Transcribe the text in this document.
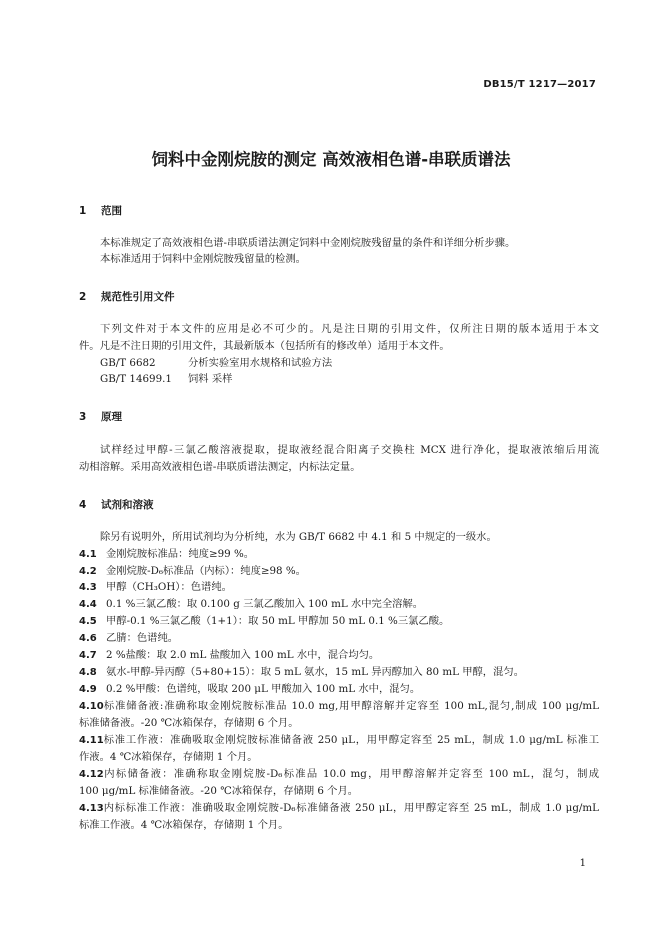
DB15/T 1217—2017
饲料中金刚烷胺的测定 高效液相色谱-串联质谱法
1 范围
本标准规定了高效液相色谱-串联质谱法测定饲料中金刚烷胺残留量的条件和详细分析步骤。
本标准适用于饲料中金刚烷胺残留量的检测。
2 规范性引用文件
下列文件对于本文件的应用是必不可少的。凡是注日期的引用文件，仅所注日期的版本适用于本文
件。凡是不注日期的引用文件，其最新版本（包括所有的修改单）适用于本文件。
GB/T 6682	分析实验室用水规格和试验方法
GB/T 14699.1 饲料 采样
3 原理
试样经过甲醇-三氯乙酸溶液提取，提取液经混合阳离子交换柱 MCX 进行净化，提取液浓缩后用流
动相溶解。采用高效液相色谱-串联质谱法测定，内标法定量。
4 试剂和溶液
除另有说明外，所用试剂均为分析纯，水为 GB/T 6682 中 4.1 和 5 中规定的一级水。
4.1 金刚烷胺标准品：纯度≥99 %。
4.2 金刚烷胺-D₆标准品（内标）：纯度≥98 %。
4.3 甲醇（CH₃OH）：色谱纯。
4.4 0.1 %三氯乙酸：取 0.100 g 三氯乙酸加入 100 mL 水中完全溶解。
4.5 甲醇-0.1 %三氯乙酸（1+1）：取 50 mL 甲醇加 50 mL 0.1 %三氯乙酸。
4.6 乙腈：色谱纯。
4.7 2 %盐酸：取 2.0 mL 盐酸加入 100 mL 水中，混合均匀。
4.8 氨水-甲醇-异丙醇（5+80+15）：取 5 mL 氨水，15 mL 异丙醇加入 80 mL 甲醇，混匀。
4.9 0.2 %甲酸：色谱纯，吸取 200 μL 甲酸加入 100 mL 水中，混匀。
4.10标准储备液:准确称取金刚烷胺标准品 10.0 mg,用甲醇溶解并定容至 100 mL,混匀,制成 100 μg/mL
标准储备液。-20 ℃冰箱保存，存储期 6 个月。
4.11标准工作液：准确吸取金刚烷胺标准储备液 250 μL，用甲醇定容至 25 mL，制成 1.0 μg/mL 标准工
作液。4 ℃冰箱保存，存储期 1 个月。
4.12内标储备液：准确称取金刚烷胺-D₆标准品 10.0 mg，用甲醇溶解并定容至 100 mL，混匀，制成
100 μg/mL 标准储备液。-20 ℃冰箱保存，存储期 6 个月。
4.13内标标准工作液：准确吸取金刚烷胺-D₆标准储备液 250 μL，用甲醇定容至 25 mL，制成 1.0 μg/mL
标准工作液。4 ℃冰箱保存，存储期 1 个月。
1
